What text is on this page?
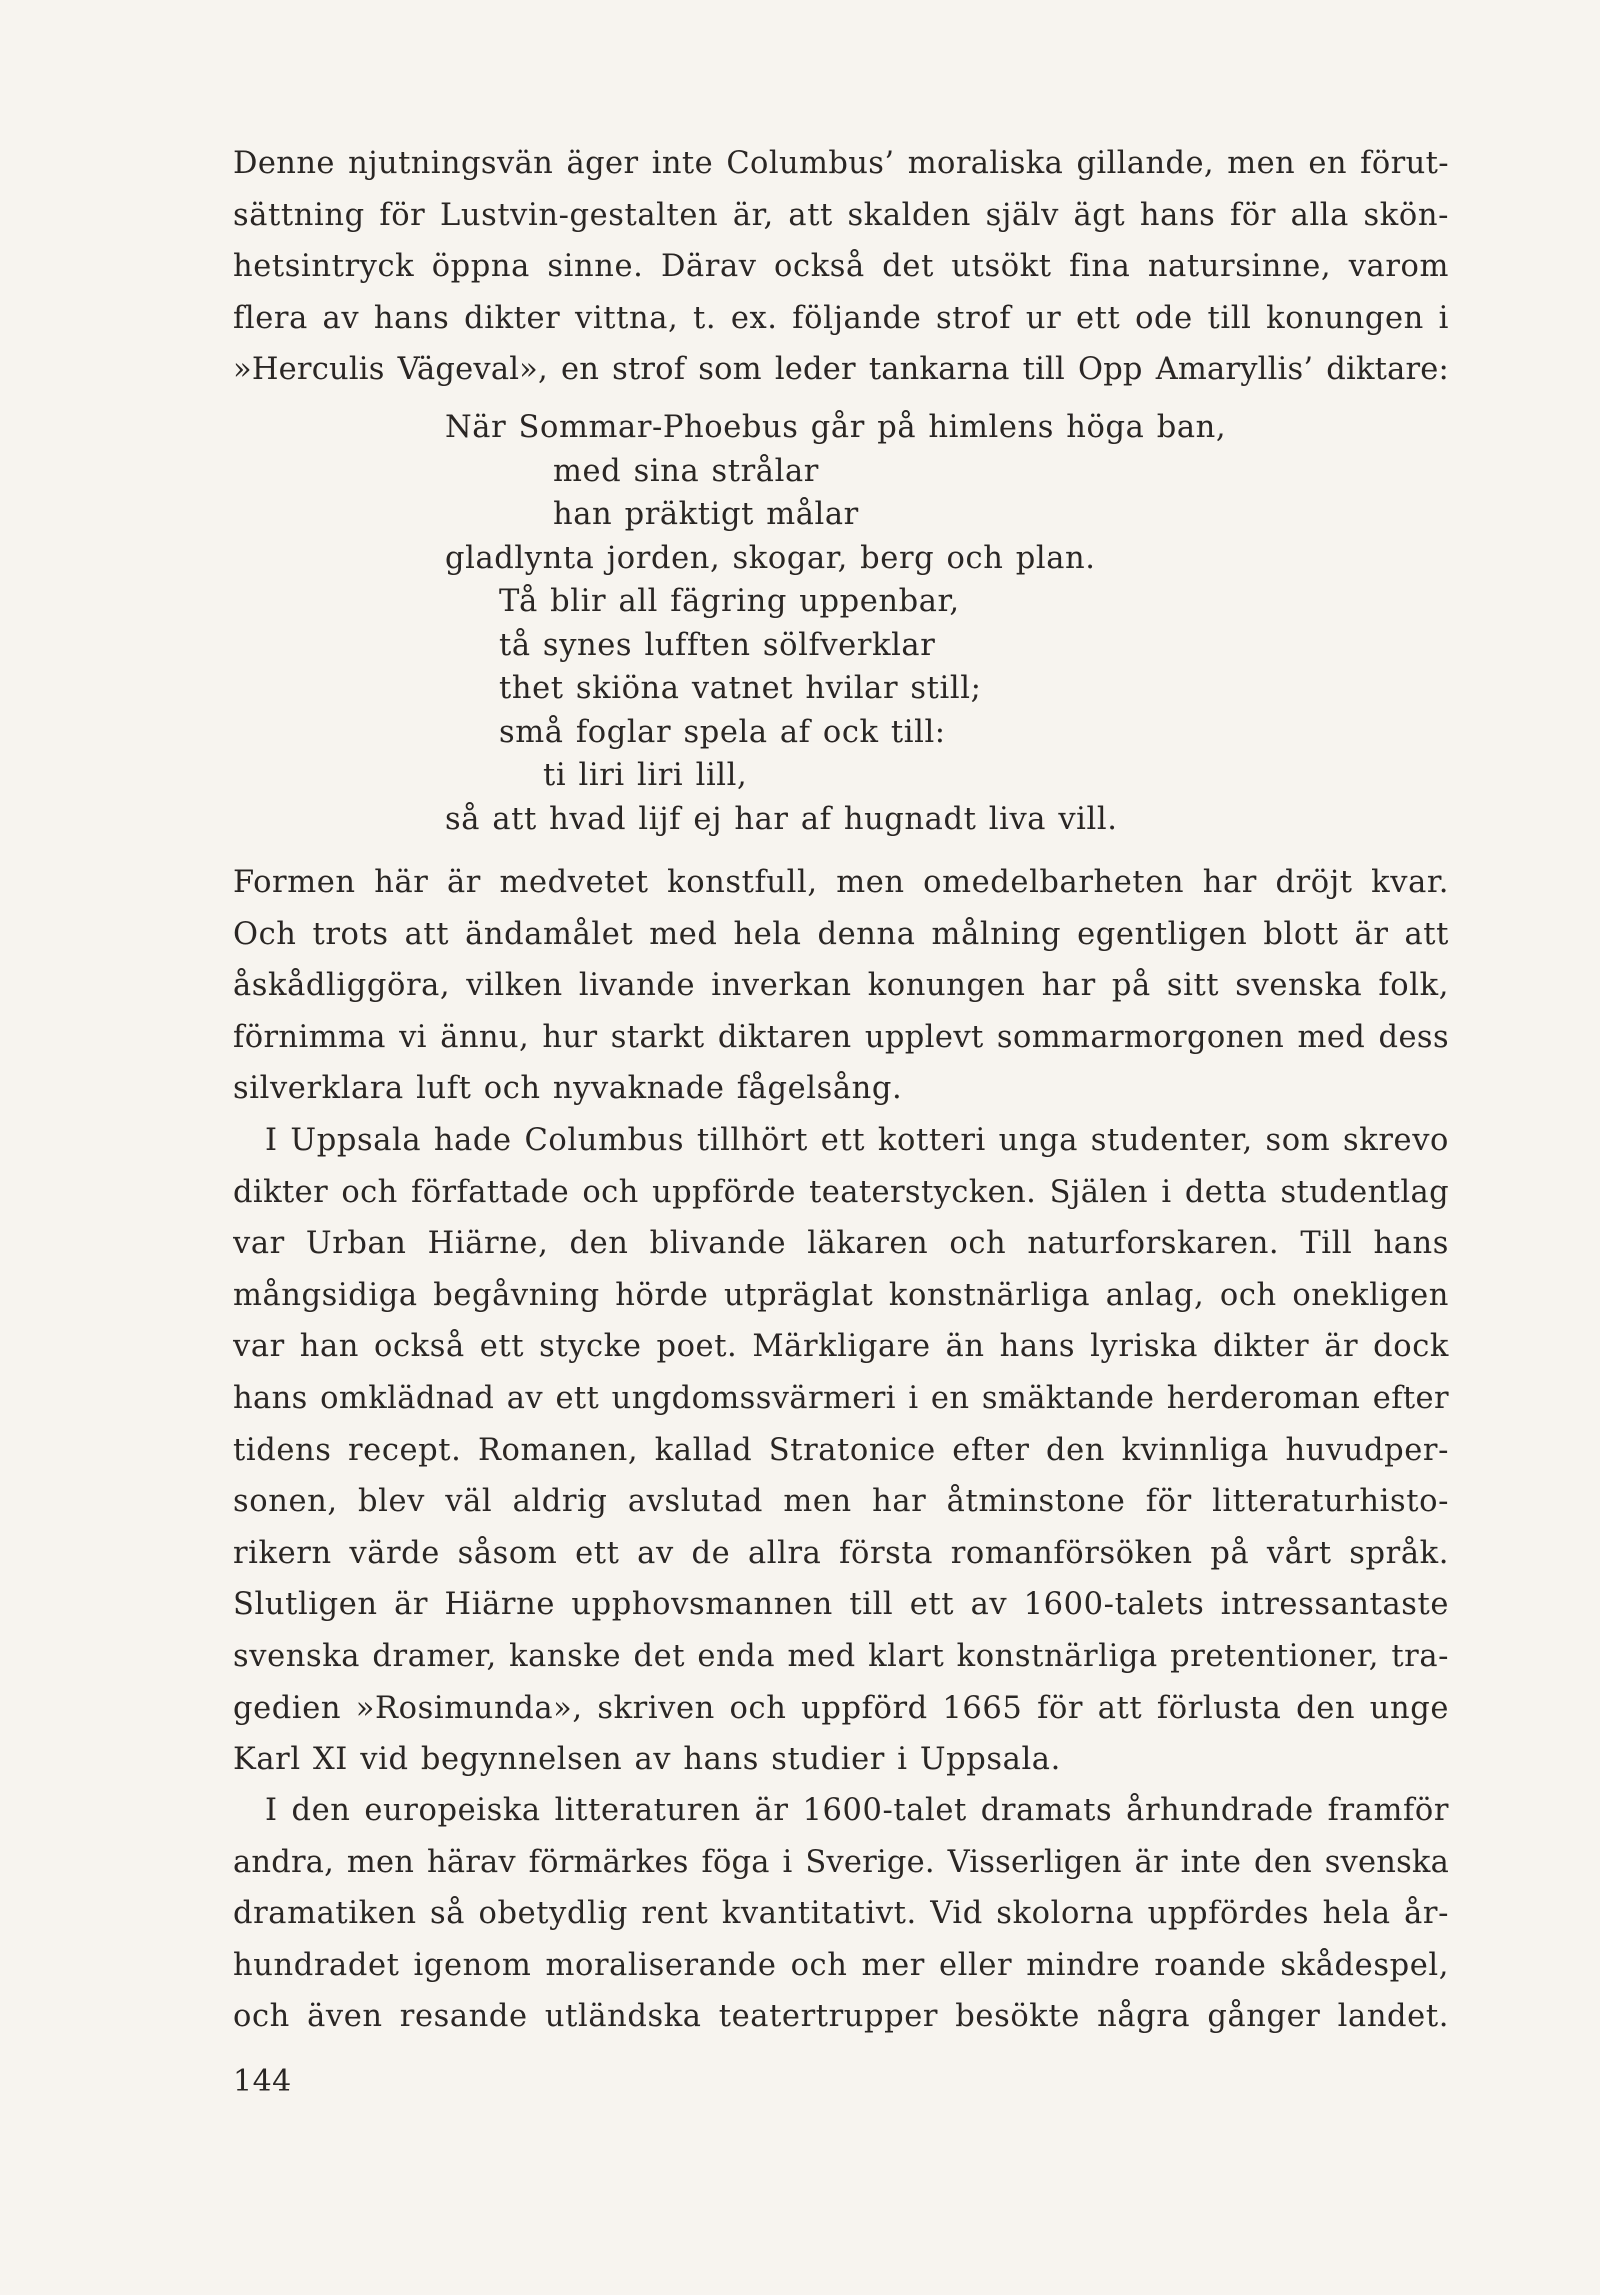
Denne njutningsvän äger inte Columbus’ moraliska gillande, men en förut-
sättning för Lustvin-gestalten är, att skalden själv ägt hans för alla skön-
hetsintryck öppna sinne. Därav också det utsökt fina natursinne, varom
flera av hans dikter vittna, t. ex. följande strof ur ett ode till konungen i
»Herculis Vägeval», en strof som leder tankarna till Opp Amaryllis’ diktare:
När Sommar-Phoebus går på himlens höga ban,
med sina strålar
han präktigt målar
gladlynta jorden, skogar, berg och plan.
Tå blir all fägring uppenbar,
tå synes lufften sölfverklar
thet skiöna vatnet hvilar still;
små foglar spela af ock till:
ti liri liri lill,
så att hvad lijf ej har af hugnadt liva vill.
Formen här är medvetet konstfull, men omedelbarheten har dröjt kvar.
Och trots att ändamålet med hela denna målning egentligen blott är att
åskådliggöra, vilken livande inverkan konungen har på sitt svenska folk,
förnimma vi ännu, hur starkt diktaren upplevt sommarmorgonen med dess
silverklara luft och nyvaknade fågelsång.
I Uppsala hade Columbus tillhört ett kotteri unga studenter, som skrevo
dikter och författade och uppförde teaterstycken. Själen i detta studentlag
var Urban Hiärne, den blivande läkaren och naturforskaren. Till hans
mångsidiga begåvning hörde utpräglat konstnärliga anlag, och onekligen
var han också ett stycke poet. Märkligare än hans lyriska dikter är dock
hans omklädnad av ett ungdomssvärmeri i en smäktande herderoman efter
tidens recept. Romanen, kallad Stratonice efter den kvinnliga huvudper-
sonen, blev väl aldrig avslutad men har åtminstone för litteraturhisto-
rikern värde såsom ett av de allra första romanförsöken på vårt språk.
Slutligen är Hiärne upphovsmannen till ett av 1600-talets intressantaste
svenska dramer, kanske det enda med klart konstnärliga pretentioner, tra-
gedien »Rosimunda», skriven och uppförd 1665 för att förlusta den unge
Karl XI vid begynnelsen av hans studier i Uppsala.
I den europeiska litteraturen är 1600-talet dramats århundrade framför
andra, men härav förmärkes föga i Sverige. Visserligen är inte den svenska
dramatiken så obetydlig rent kvantitativt. Vid skolorna uppfördes hela år-
hundradet igenom moraliserande och mer eller mindre roande skådespel,
och även resande utländska teatertrupper besökte några gånger landet.
144
